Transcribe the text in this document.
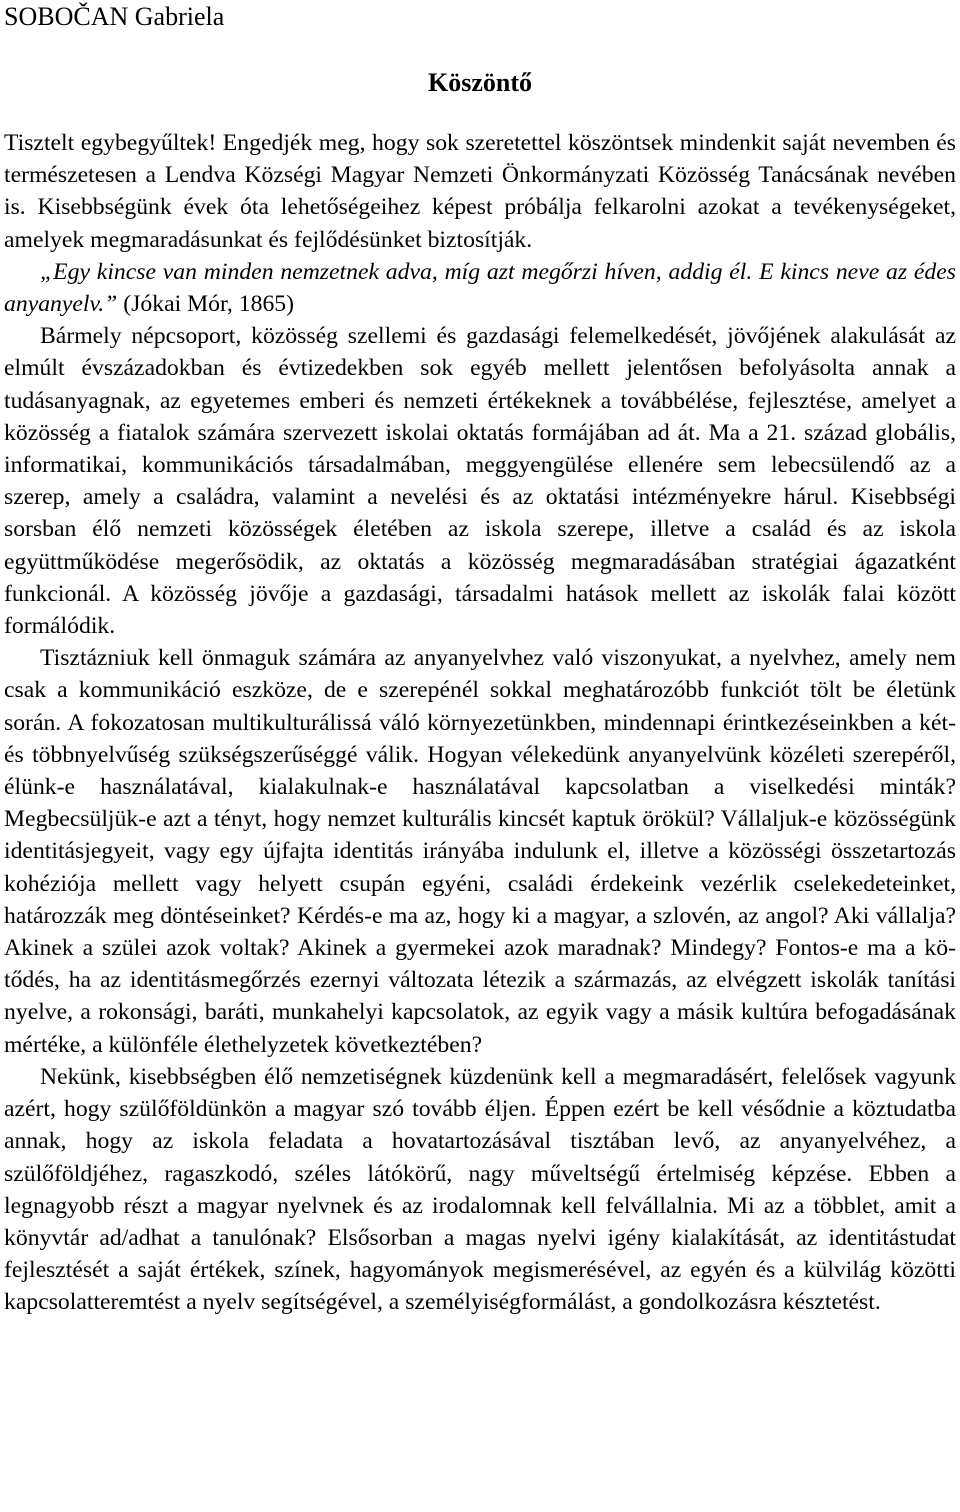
SOBOČAN Gabriela
Köszöntő

Tisztelt egybegyűltek! Engedjék meg, hogy sok szeretettel köszöntsek mindenkit saját nevemben és természetesen a Lendva Községi Magyar Nemzeti Önkormányzati Közösség Tanácsának nevében is. Kisebbségünk évek óta lehetőségeihez képest próbálja felkarolni azokat a tevékenységeket, amelyek megmaradásunkat és fejlődésünket biztosítják.

„Egy kincse van minden nemzetnek adva, míg azt megőrzi híven, addig él. E kincs neve az édes anyanyelv.” (Jókai Mór, 1865)

Bármely népcsoport, közösség szellemi és gazdasági felemelkedését, jövőjének alakulását az elmúlt évszázadokban és évtizedekben sok egyéb mellett jelentősen befolyásolta annak a tudásanyagnak, az egyetemes emberi és nemzeti értékeknek a továbbélése, fejlesztése, amelyet a közösség a fiatalok számára szervezett iskolai oktatás formájában ad át. Ma a 21. század globális, informatikai, kommunikációs társadalmában, meggyengülése ellenére sem lebecsülendő az a szerep, amely a családra, valamint a nevelési és az oktatási intézményekre hárul. Kisebbségi sorsban élő nemzeti közösségek életében az iskola szerepe, illetve a család és az iskola együttműködése megerősödik, az oktatás a közösség megmaradásában stratégiai ágazatként funkcionál. A közösség jövője a gazdasági, társadalmi hatások mellett az iskolák falai között formálódik.

Tisztázniuk kell önmaguk számára az anyanyelvhez való viszonyukat, a nyelvhez, amely nem csak a kommunikáció eszköze, de e szerepénél sokkal meghatározóbb funkciót tölt be életünk során. A fokozatosan multikulturálissá váló környezetünkben, mindennapi érintkezéseinkben a két- és többnyelvűség szükségszerűséggé válik. Hogyan vélekedünk anyanyelvünk közéleti szerepéről, élünk-e használatával, kialakulnak-e használatával kapcsolatban a viselkedési minták? Megbecsüljük-e azt a tényt, hogy nemzet kulturális kincsét kaptuk örökül? Vállaljuk-e közösségünk identitásjegyeit, vagy egy újfajta identitás irányába indulunk el, illetve a közösségi összetartozás kohéziója mellett vagy helyett csupán egyéni, családi érdekeink vezérlik cselekedeteinket, határozzák meg döntéseinket? Kérdés-e ma az, hogy ki a magyar, a szlovén, az angol? Aki vállalja? Akinek a szülei azok voltak? Akinek a gyermekei azok maradnak? Mindegy? Fontos-e ma a kötődés, ha az identitásmegőrzés ezernyi változata létezik a származás, az elvégzett iskolák tanítási nyelve, a rokonsági, baráti, munkahelyi kapcsolatok, az egyik vagy a másik kultúra befogadásának mértéke, a különféle élethelyzetek következtében?

Nekünk, kisebbségben élő nemzetiségnek küzdenünk kell a megmaradásért, felelősek vagyunk azért, hogy szülőföldünkön a magyar szó tovább éljen. Éppen ezért be kell vésődnie a köztudatba annak, hogy az iskola feladata a hovatartozásával tisztában levő, az anyanyelvéhez, a szülőföldjéhez, ragaszkodó, széles látókörű, nagy műveltségű értelmiség képzése. Ebben a legnagyobb részt a magyar nyelvnek és az irodalomnak kell felvállalnia. Mi az a többlet, amit a könyvtár ad/adhat a tanulónak? Elsősorban a magas nyelvi igény kialakítását, az identitástudat fejlesztését a saját értékek, színek, hagyományok megismerésével, az egyén és a külvilág közötti kapcsolatteremtést a nyelv segítségével, a személyiségformálást, a gondolkozásra késztetést.
